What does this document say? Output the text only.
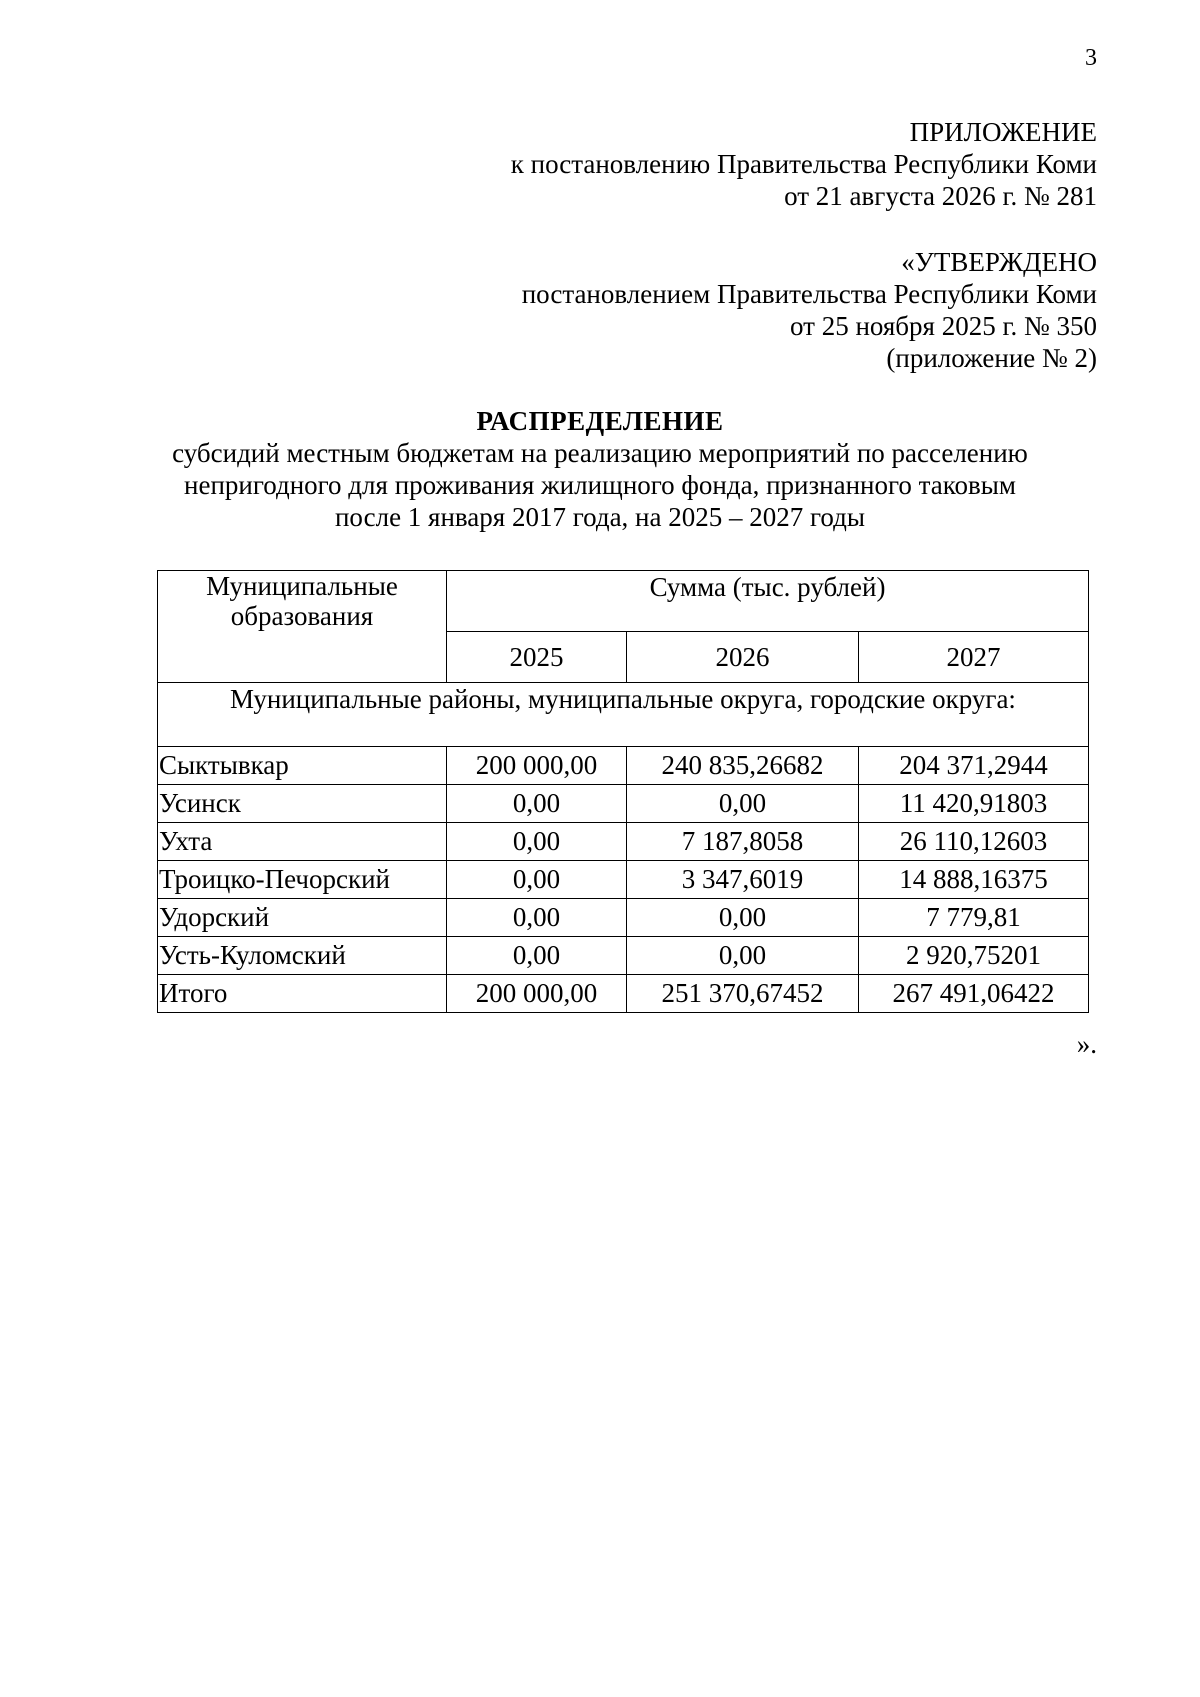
3
ПРИЛОЖЕНИЕ
к постановлению Правительства Республики Коми
от 21 августа 2026 г. № 281
«УТВЕРЖДЕНО
постановлением Правительства Республики Коми
от 25 ноября 2025 г. № 350
(приложение № 2)
РАСПРЕДЕЛЕНИЕ
субсидий местным бюджетам на реализацию мероприятий по расселению
непригодного для проживания жилищного фонда, признанного таковым
после 1 января 2017 года, на 2025 – 2027 годы
Муниципальные образования	Сумма (тыс. рублей)		
	2025	2026	2027
Муниципальные районы, муниципальные округа, городские округа:			
Сыктывкар	200 000,00	240 835,26682	204 371,2944
Усинск	0,00	0,00	11 420,91803
Ухта	0,00	7 187,8058	26 110,12603
Троицко-Печорский	0,00	3 347,6019	14 888,16375
Удорский	0,00	0,00	7 779,81
Усть-Куломский	0,00	0,00	2 920,75201
Итого	200 000,00	251 370,67452	267 491,06422
».
